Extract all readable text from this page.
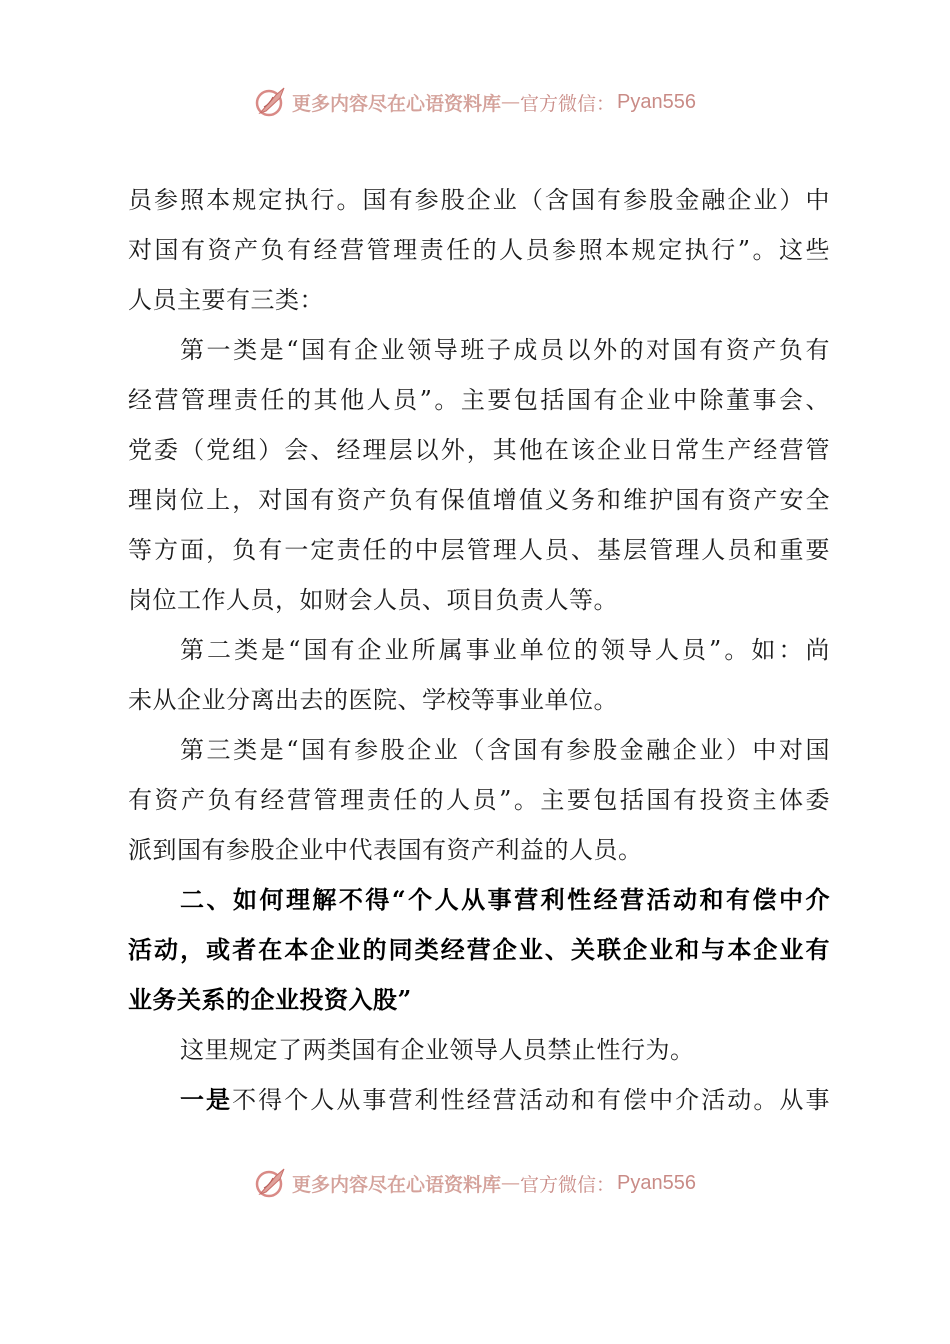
更多内容尽在心语资料库 — 官方微信： Pyan556
员参照本规定执行。国有参股企业（含国有参股金融企业）中
对国有资产负有经营管理责任的人员参照本规定执行”。这些
人员主要有三类：
第一类是“国有企业领导班子成员以外的对国有资产负有
经营管理责任的其他人员”。主要包括国有企业中除董事会、
党委（党组）会、经理层以外，其他在该企业日常生产经营管
理岗位上，对国有资产负有保值增值义务和维护国有资产安全
等方面，负有一定责任的中层管理人员、基层管理人员和重要
岗位工作人员，如财会人员、项目负责人等。
第二类是“国有企业所属事业单位的领导人员”。如：尚
未从企业分离出去的医院、学校等事业单位。
第三类是“国有参股企业（含国有参股金融企业）中对国
有资产负有经营管理责任的人员”。主要包括国有投资主体委
派到国有参股企业中代表国有资产利益的人员。
二、如何理解不得“个人从事营利性经营活动和有偿中介
活动，或者在本企业的同类经营企业、关联企业和与本企业有
业务关系的企业投资入股”
这里规定了两类国有企业领导人员禁止性行为。
一是不得个人从事营利性经营活动和有偿中介活动。从事
更多内容尽在心语资料库 — 官方微信： Pyan556
